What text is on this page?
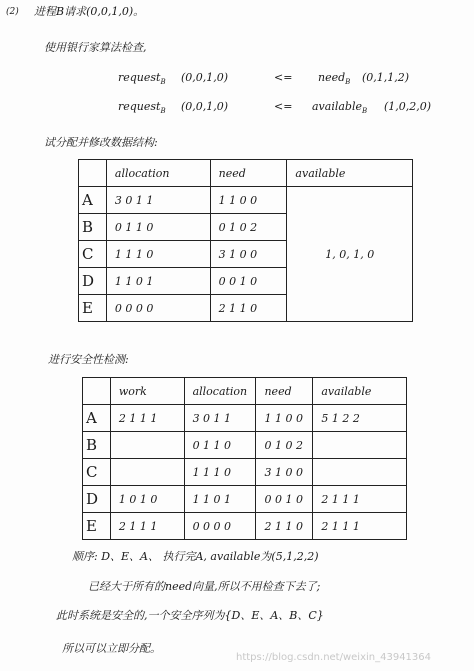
(2) 进程B请求(0,0,1,0)。
使用银行家算法检查,
request$_B$ (0,0,1,0)	<= need$_B$ (0,1,1,2)
request$_B$ (0,0,1,0)	<= available$_B$ (1,0,2,0)
试分配并修改数据结构:
	allocation	need	available
A	3 0 1 1	1 1 0 0	1, 0, 1, 0
B	0 1 1 0	0 1 0 2	
C	1 1 1 0	3 1 0 0	
D	1 1 0 1	0 0 1 0	
E	0 0 0 0	2 1 1 0	
进行安全性检测:
	work	allocation	need	available
A	2 1 1 1	3 0 1 1	1 1 0 0	5 1 2 2
B		0 1 1 0	0 1 0 2	
C		1 1 1 0	3 1 0 0	
D	1 0 1 0	1 1 0 1	0 0 1 0	2 1 1 1
E	2 1 1 1	0 0 0 0	2 1 1 0	2 1 1 1
顺序: D、E、A、 执行完A, available为(5,1,2,2)
已经大于所有的need向量,所以不用检查下去了;
此时系统是安全的,一个安全序列为{D、E、A、B、C}
所以可以立即分配。
https://blog.csdn.net/weixin_43941364
